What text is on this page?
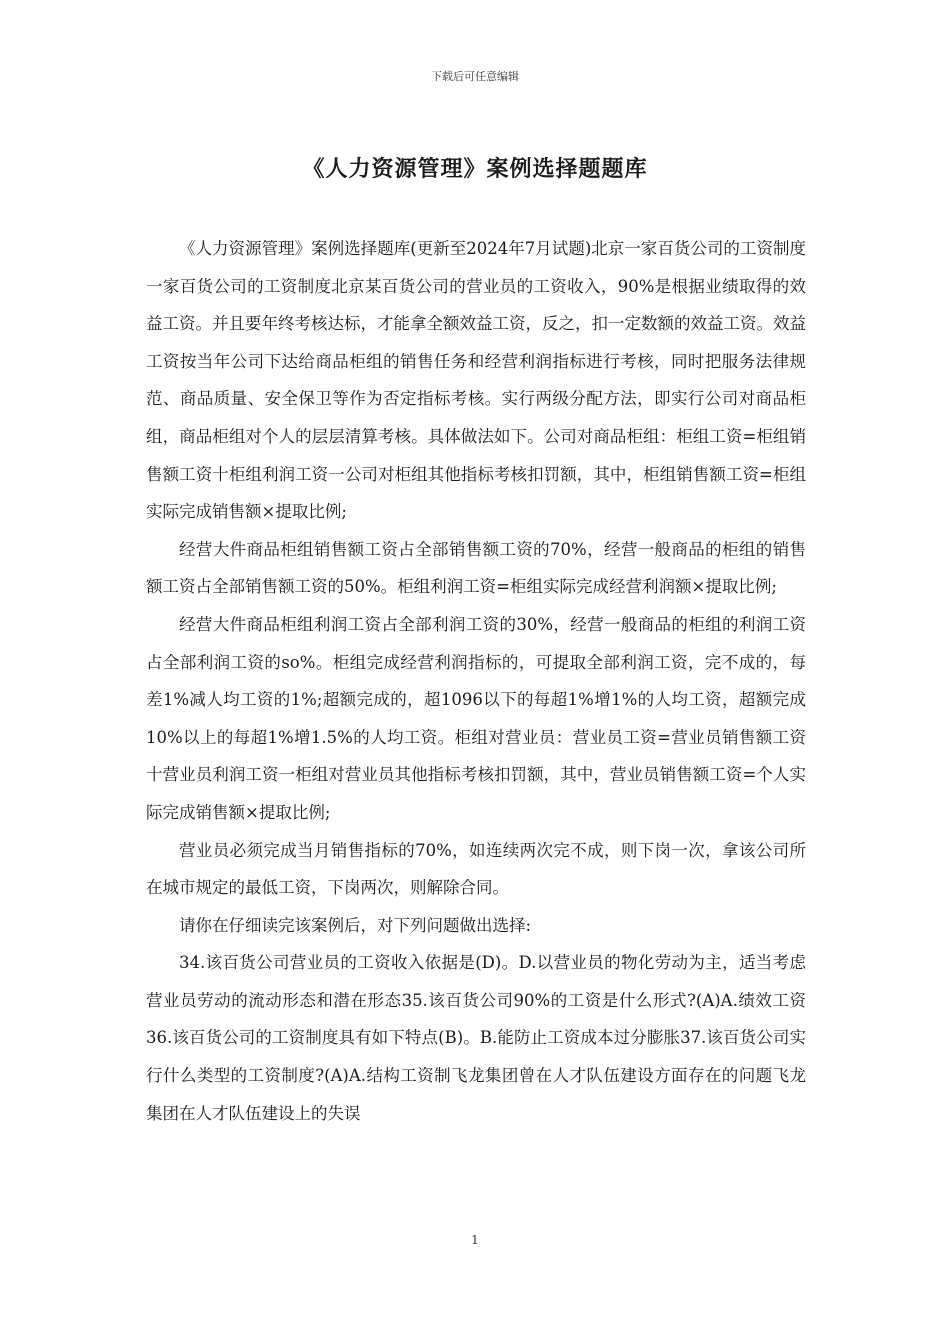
下载后可任意编辑
《人力资源管理》案例选择题题库

《人力资源管理》案例选择题库(更新至2024年7月试题)北京一家百货公司的工资制度一家百货公司的工资制度北京某百货公司的营业员的工资收入，90%是根据业绩取得的效益工资。并且要年终考核达标，才能拿全额效益工资，反之，扣一定数额的效益工资。效益工资按当年公司下达给商品柜组的销售任务和经营利润指标进行考核，同时把服务法律规范、商品质量、安全保卫等作为否定指标考核。实行两级分配方法，即实行公司对商品柜组，商品柜组对个人的层层清算考核。具体做法如下。公司对商品柜组：柜组工资=柜组销售额工资十柜组利润工资一公司对柜组其他指标考核扣罚额，其中，柜组销售额工资=柜组实际完成销售额×提取比例;

经营大件商品柜组销售额工资占全部销售额工资的70%，经营一般商品的柜组的销售额工资占全部销售额工资的50%。柜组利润工资=柜组实际完成经营利润额×提取比例;

经营大件商品柜组利润工资占全部利润工资的30%，经营一般商品的柜组的利润工资占全部利润工资的so%。柜组完成经营利润指标的，可提取全部利润工资，完不成的，每差1%减人均工资的1%;超额完成的，超1096以下的每超1%增1%的人均工资，超额完成10%以上的每超1%增1.5%的人均工资。柜组对营业员：营业员工资=营业员销售额工资十营业员利润工资一柜组对营业员其他指标考核扣罚额，其中，营业员销售额工资=个人实际完成销售额×提取比例;

营业员必须完成当月销售指标的70%，如连续两次完不成，则下岗一次，拿该公司所在城市规定的最低工资，下岗两次，则解除合同。

请你在仔细读完该案例后，对下列问题做出选择:

34.该百货公司营业员的工资收入依据是(D)。D.以营业员的物化劳动为主，适当考虑营业员劳动的流动形态和潜在形态35.该百货公司90%的工资是什么形式?(A)A.绩效工资36.该百货公司的工资制度具有如下特点(B)。B.能防止工资成本过分膨胀37.该百货公司实行什么类型的工资制度?(A)A.结构工资制飞龙集团曾在人才队伍建设方面存在的问题飞龙集团在人才队伍建设上的失误

1
